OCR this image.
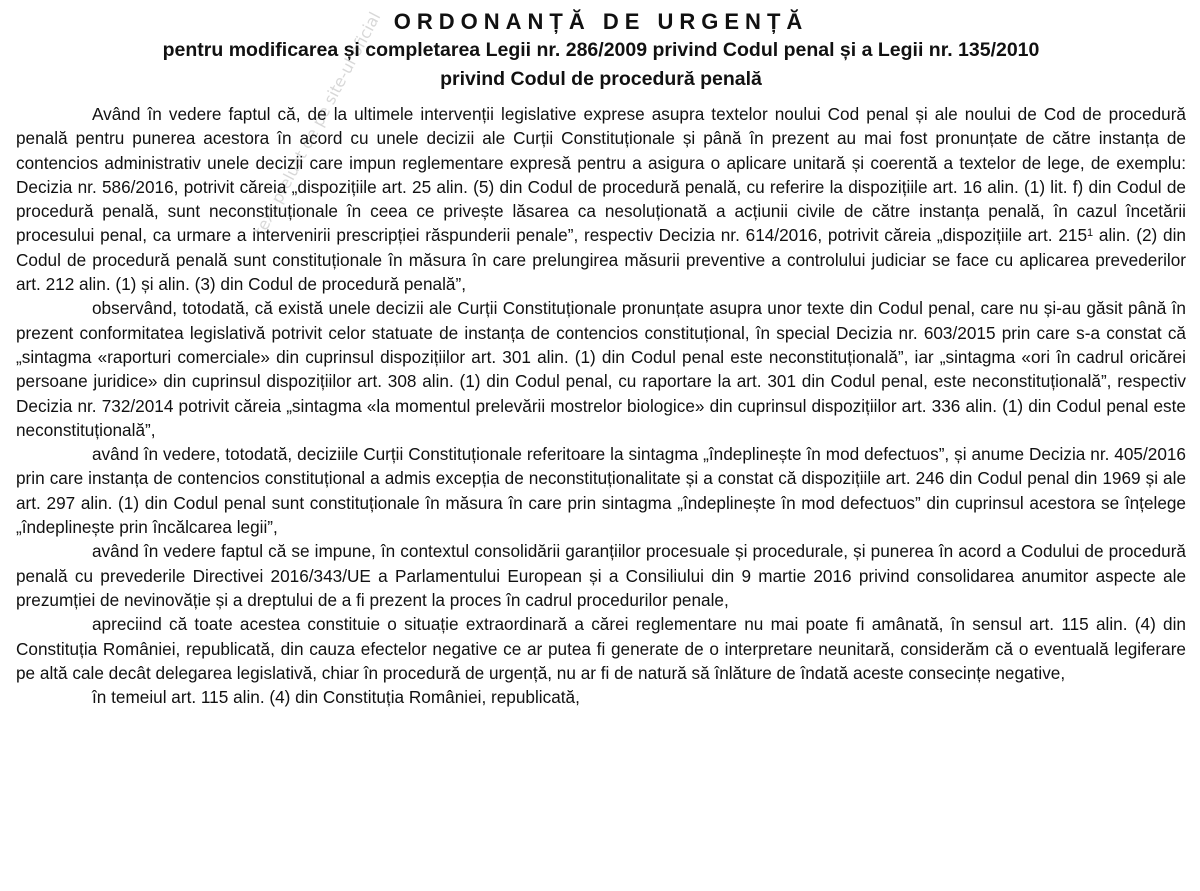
text preluat de pe site-ul oficial ORDONANȚĂ DE URGENȚĂ
pentru modificarea și completarea Legii nr. 286/2009 privind Codul penal și a Legii nr. 135/2010
privind Codul de procedură penală

Având în vedere faptul că, de la ultimele intervenții legislative exprese asupra textelor noului Cod penal și ale noului de Cod de procedură penală pentru punerea acestora în acord cu unele decizii ale Curții Constituționale și până în prezent au mai fost pronunțate de către instanța de contencios administrativ unele decizii care impun reglementare expresă pentru a asigura o aplicare unitară și coerentă a textelor de lege, de exemplu: Decizia nr. 586/2016, potrivit căreia „dispozițiile art. 25 alin. (5) din Codul de procedură penală, cu referire la dispozițiile art. 16 alin. (1) lit. f) din Codul de procedură penală, sunt neconstituționale în ceea ce privește lăsarea ca nesoluționată a acțiunii civile de către instanța penală, în cazul încetării procesului penal, ca urmare a intervenirii prescripției răspunderii penale”, respectiv Decizia nr. 614/2016, potrivit căreia „dispozițiile art. $215^1$ alin. (2) din Codul de procedură penală sunt constituționale în măsura în care prelungirea măsurii preventive a controlului judiciar se face cu aplicarea prevederilor art. 212 alin. (1) și alin. (3) din Codul de procedură penală”,

observând, totodată, că există unele decizii ale Curții Constituționale pronunțate asupra unor texte din Codul penal, care nu și-au găsit până în prezent conformitatea legislativă potrivit celor statuate de instanța de contencios constituțional, în special Decizia nr. 603/2015 prin care s-a constat că „sintagma «raporturi comerciale» din cuprinsul dispozițiilor art. 301 alin. (1) din Codul penal este neconstituțională”, iar „sintagma «ori în cadrul oricărei persoane juridice» din cuprinsul dispozițiilor art. 308 alin. (1) din Codul penal, cu raportare la art. 301 din Codul penal, este neconstituțională”, respectiv Decizia nr. 732/2014 potrivit căreia „sintagma «la momentul prelevării mostrelor biologice» din cuprinsul dispozițiilor art. 336 alin. (1) din Codul penal este neconstituțională”,

având în vedere, totodată, deciziile Curții Constituționale referitoare la sintagma „îndeplinește în mod defectuos”, și anume Decizia nr. 405/2016 prin care instanța de contencios constituțional a admis excepția de neconstituționalitate și a constat că dispozițiile art. 246 din Codul penal din 1969 și ale art. 297 alin. (1) din Codul penal sunt constituționale în măsura în care prin sintagma „îndeplinește în mod defectuos” din cuprinsul acestora se înțelege „îndeplinește prin încălcarea legii”,

având în vedere faptul că se impune, în contextul consolidării garanțiilor procesuale și procedurale, și punerea în acord a Codului de procedură penală cu prevederile Directivei 2016/343/UE a Parlamentului European și a Consiliului din 9 martie 2016 privind consolidarea anumitor aspecte ale prezumției de nevinovăție și a dreptului de a fi prezent la proces în cadrul procedurilor penale,

apreciind că toate acestea constituie o situație extraordinară a cărei reglementare nu mai poate fi amânată, în sensul art. 115 alin. (4) din Constituția României, republicată, din cauza efectelor negative ce ar putea fi generate de o interpretare neunitară, considerăm că o eventuală legiferare pe altă cale decât delegarea legislativă, chiar în procedură de urgență, nu ar fi de natură să înlăture de îndată aceste consecințe negative,

în temeiul art. 115 alin. (4) din Constituția României, republicată,
